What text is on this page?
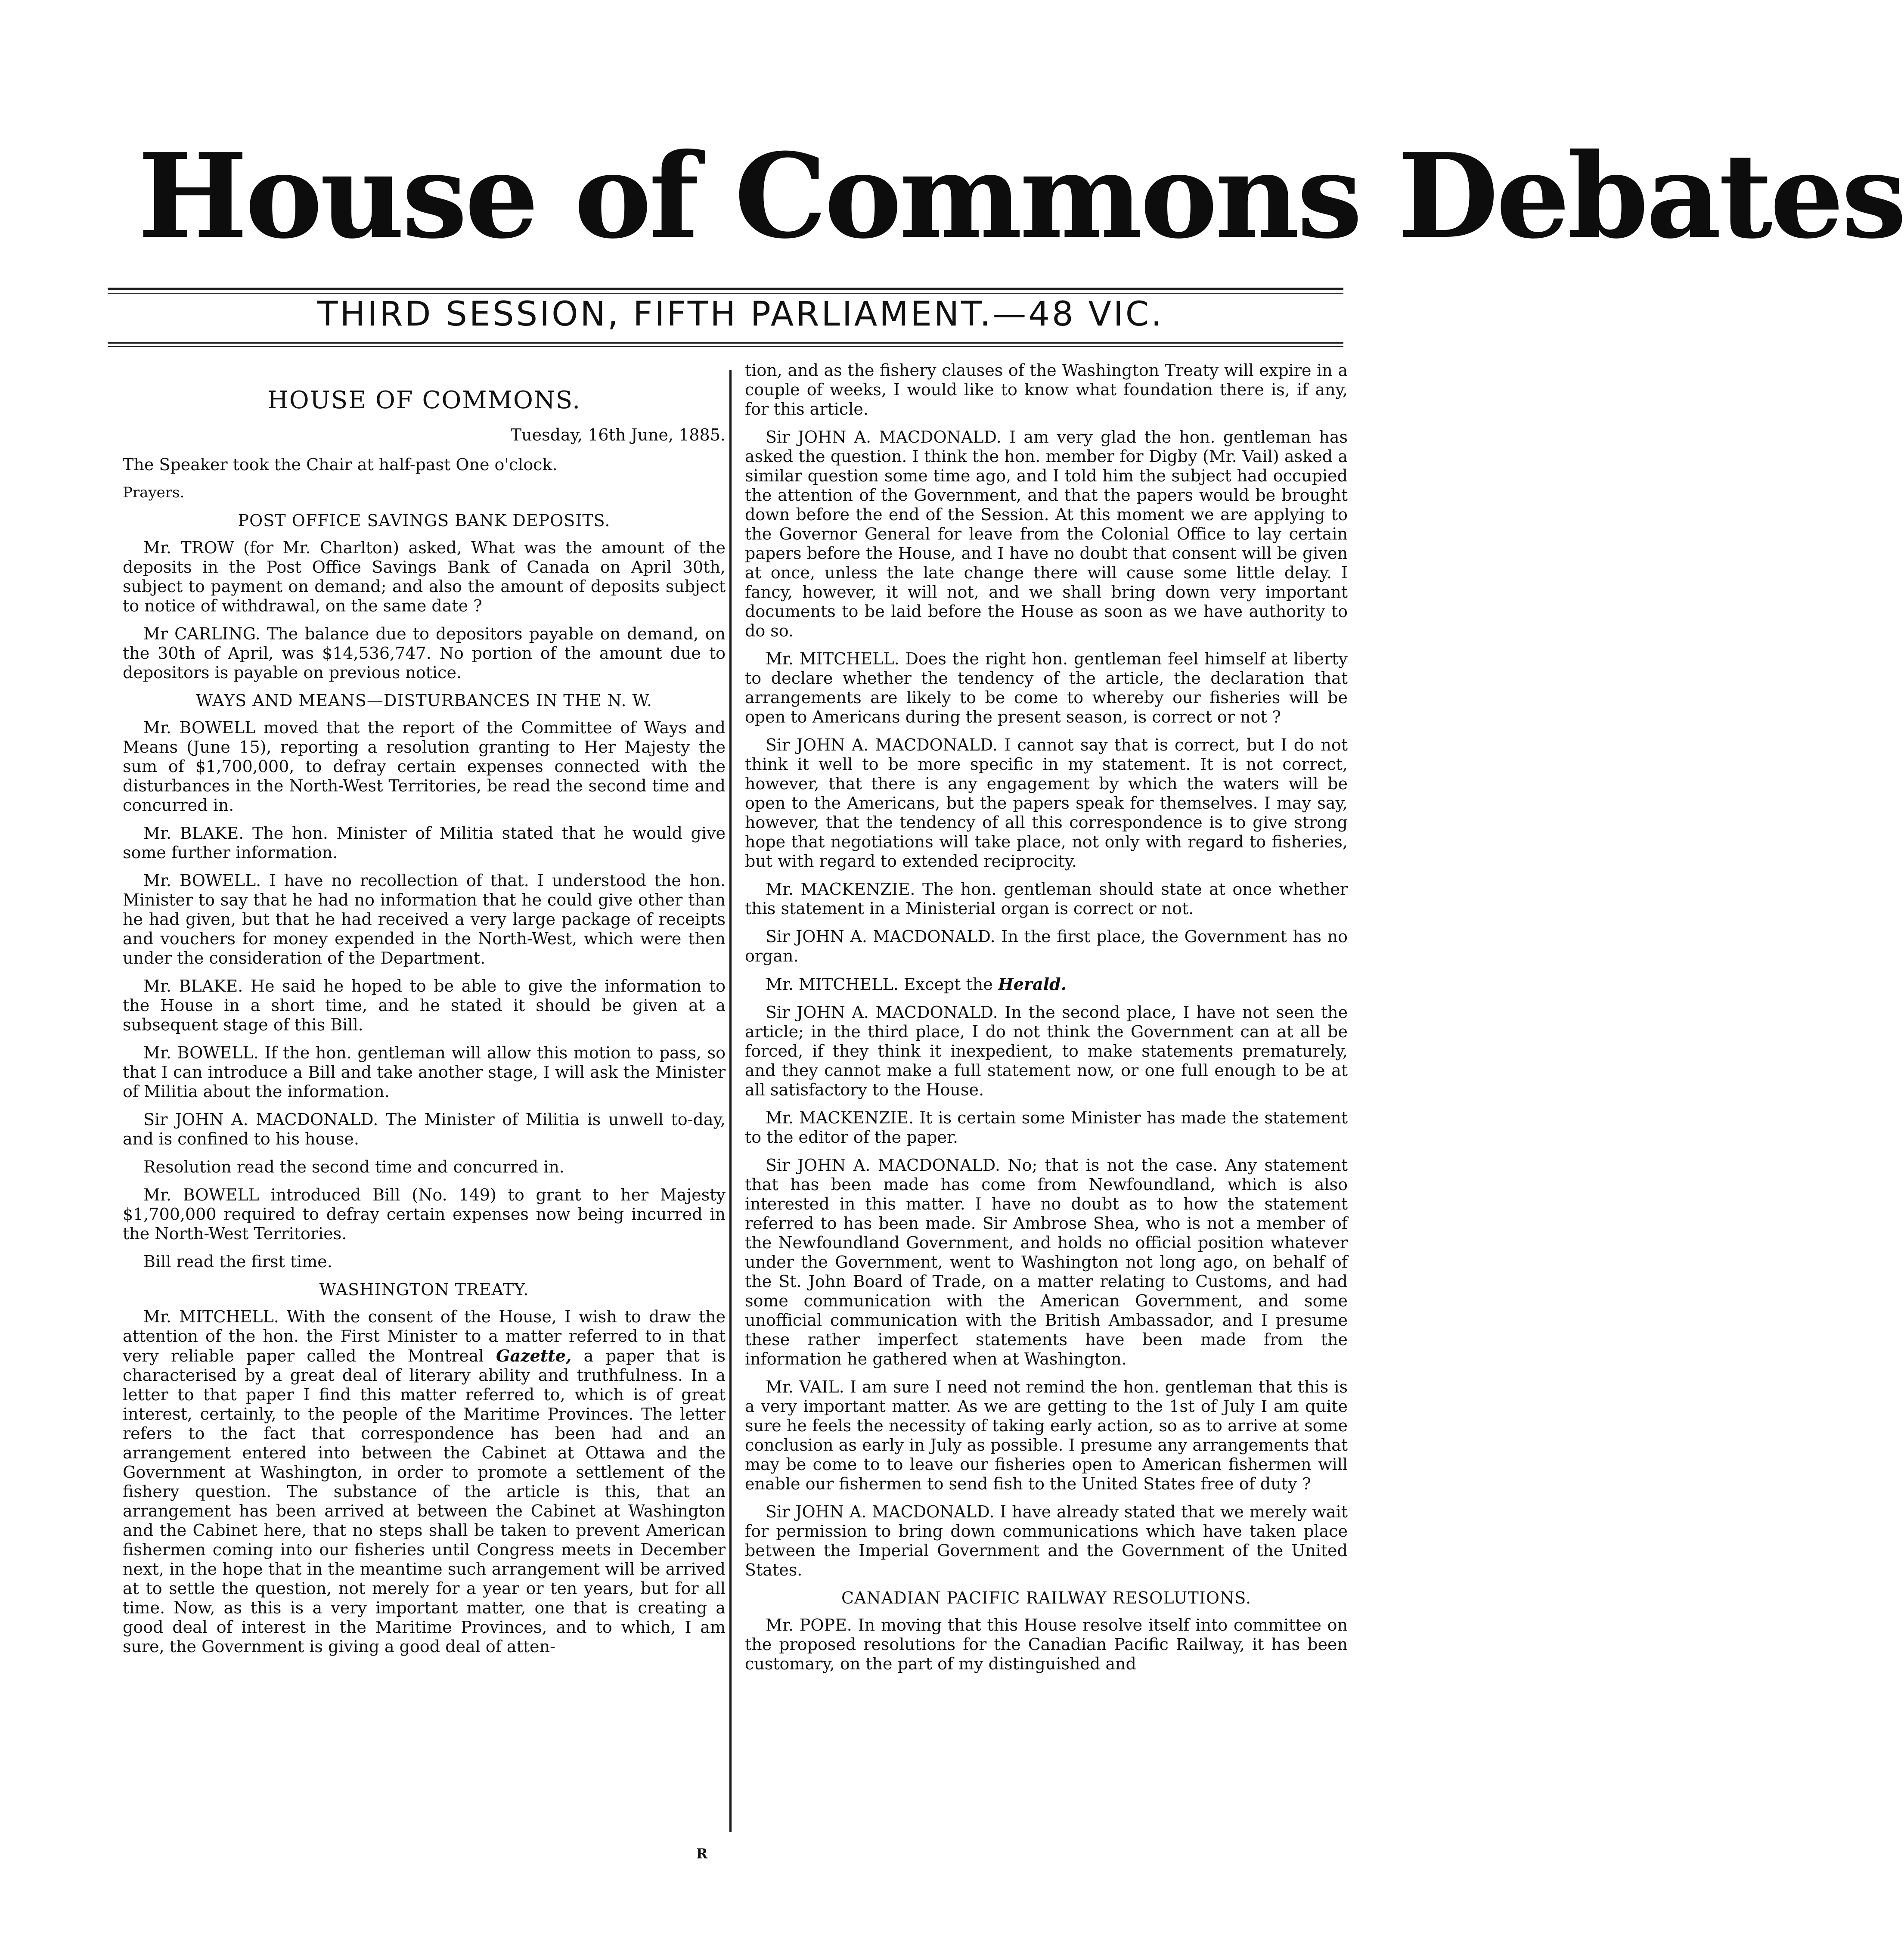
House of Commons Debates
THIRD SESSION, FIFTH PARLIAMENT.—48 VIC.
HOUSE OF COMMONS.

Tuesday, 16th June, 1885.

The Speaker took the Chair at half-past One o'clock.

Prayers.

POST OFFICE SAVINGS BANK DEPOSITS.

Mr. TROW (for Mr. Charlton) asked, What was the amount of the deposits in the Post Office Savings Bank of Canada on April 30th, subject to payment on demand; and also the amount of deposits subject to notice of withdrawal, on the same date ?

Mr CARLING. The balance due to depositors payable on demand, on the 30th of April, was $14,536,747. No portion of the amount due to depositors is payable on previous notice.

WAYS AND MEANS—DISTURBANCES IN THE N. W.

Mr. BOWELL moved that the report of the Committee of Ways and Means (June 15), reporting a resolution granting to Her Majesty the sum of $1,700,000, to defray certain expenses connected with the disturbances in the North-West Territories, be read the second time and concurred in.

Mr. BLAKE. The hon. Minister of Militia stated that he would give some further information.

Mr. BOWELL. I have no recollection of that. I understood the hon. Minister to say that he had no information that he could give other than he had given, but that he had received a very large package of receipts and vouchers for money expended in the North-West, which were then under the consideration of the Department.

Mr. BLAKE. He said he hoped to be able to give the information to the House in a short time, and he stated it should be given at a subsequent stage of this Bill.

Mr. BOWELL. If the hon. gentleman will allow this motion to pass, so that I can introduce a Bill and take another stage, I will ask the Minister of Militia about the information.

Sir JOHN A. MACDONALD. The Minister of Militia is unwell to-day, and is confined to his house.

Resolution read the second time and concurred in.

Mr. BOWELL introduced Bill (No. 149) to grant to her Majesty $1,700,000 required to defray certain expenses now being incurred in the North-West Territories.

Bill read the first time.

WASHINGTON TREATY.

Mr. MITCHELL. With the consent of the House, I wish to draw the attention of the hon. the First Minister to a matter referred to in that very reliable paper called the Montreal Gazette, a paper that is characterised by a great deal of literary ability and truthfulness. In a letter to that paper I find this matter referred to, which is of great interest, certainly, to the people of the Maritime Provinces. The letter refers to the fact that correspondence has been had and an arrangement entered into between the Cabinet at Ottawa and the Government at Washington, in order to promote a settlement of the fishery question. The substance of the article is this, that an arrangement has been arrived at between the Cabinet at Washington and the Cabinet here, that no steps shall be taken to prevent American fishermen coming into our fisheries until Congress meets in December next, in the hope that in the meantime such arrangement will be arrived at to settle the question, not merely for a year or ten years, but for all time. Now, as this is a very important matter, one that is creating a good deal of interest in the Maritime Provinces, and to which, I am sure, the Government is giving a good deal of atten-

tion, and as the fishery clauses of the Washington Treaty will expire in a couple of weeks, I would like to know what foundation there is, if any, for this article.

Sir JOHN A. MACDONALD. I am very glad the hon. gentleman has asked the question. I think the hon. member for Digby (Mr. Vail) asked a similar question some time ago, and I told him the subject had occupied the attention of the Government, and that the papers would be brought down before the end of the Session. At this moment we are applying to the Governor General for leave from the Colonial Office to lay certain papers before the House, and I have no doubt that consent will be given at once, unless the late change there will cause some little delay. I fancy, however, it will not, and we shall bring down very important documents to be laid before the House as soon as we have authority to do so.

Mr. MITCHELL. Does the right hon. gentleman feel himself at liberty to declare whether the tendency of the article, the declaration that arrangements are likely to be come to whereby our fisheries will be open to Americans during the present season, is correct or not ?

Sir JOHN A. MACDONALD. I cannot say that is correct, but I do not think it well to be more specific in my statement. It is not correct, however, that there is any engagement by which the waters will be open to the Americans, but the papers speak for themselves. I may say, however, that the tendency of all this correspondence is to give strong hope that negotiations will take place, not only with regard to fisheries, but with regard to extended reciprocity.

Mr. MACKENZIE. The hon. gentleman should state at once whether this statement in a Ministerial organ is correct or not.

Sir JOHN A. MACDONALD. In the first place, the Government has no organ.

Mr. MITCHELL. Except the Herald.

Sir JOHN A. MACDONALD. In the second place, I have not seen the article; in the third place, I do not think the Government can at all be forced, if they think it inexpedient, to make statements prematurely, and they cannot make a full statement now, or one full enough to be at all satisfactory to the House.

Mr. MACKENZIE. It is certain some Minister has made the statement to the editor of the paper.

Sir JOHN A. MACDONALD. No; that is not the case. Any statement that has been made has come from Newfoundland, which is also interested in this matter. I have no doubt as to how the statement referred to has been made. Sir Ambrose Shea, who is not a member of the Newfoundland Government, and holds no official position whatever under the Government, went to Washington not long ago, on behalf of the St. John Board of Trade, on a matter relating to Customs, and had some communication with the American Government, and some unofficial communication with the British Ambassador, and I presume these rather imperfect statements have been made from the information he gathered when at Washington.

Mr. VAIL. I am sure I need not remind the hon. gentleman that this is a very important matter. As we are getting to the 1st of July I am quite sure he feels the necessity of taking early action, so as to arrive at some conclusion as early in July as possible. I presume any arrangements that may be come to to leave our fisheries open to American fishermen will enable our fishermen to send fish to the United States free of duty ?

Sir JOHN A. MACDONALD. I have already stated that we merely wait for permission to bring down communications which have taken place between the Imperial Government and the Government of the United States.

CANADIAN PACIFIC RAILWAY RESOLUTIONS.

Mr. POPE. In moving that this House resolve itself into committee on the proposed resolutions for the Canadian Pacific Railway, it has been customary, on the part of my distinguished and

R
